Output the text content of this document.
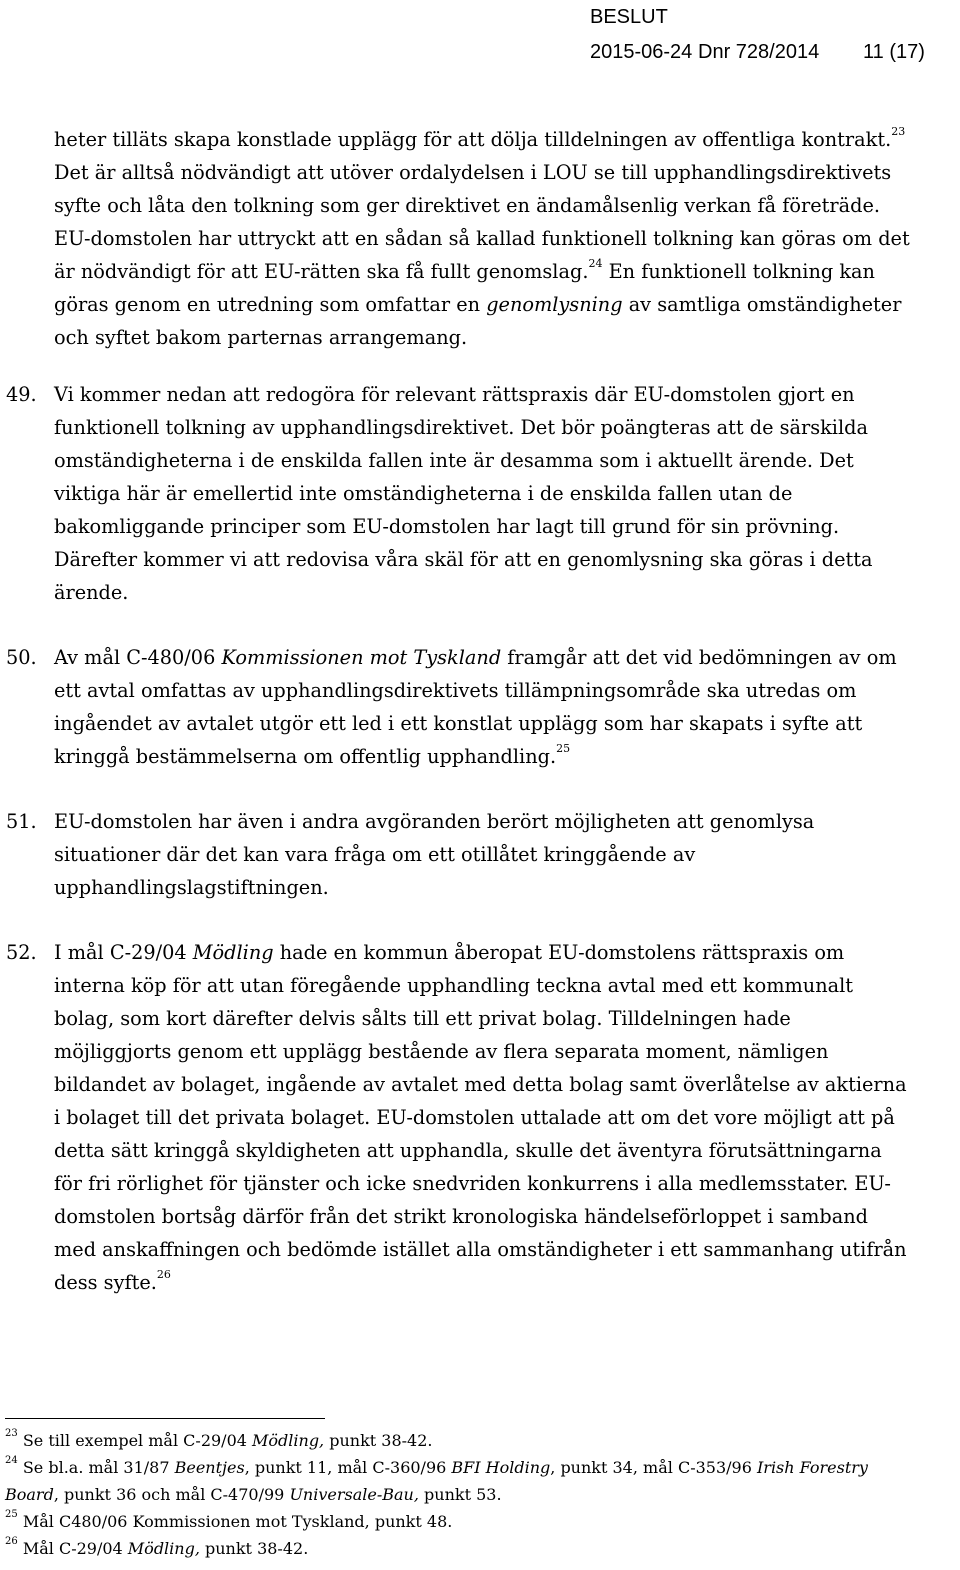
BESLUT
2015-06-24 Dnr 728/2014 11 (17)

heter tilläts skapa konstlade upplägg för att dölja tilldelningen av offentliga kontrakt.$^{23}$ Det är alltså nödvändigt att utöver ordalydelsen i LOU se till upphandlingsdirektivets syfte och låta den tolkning som ger direktivet en ändamålsenlig verkan få företräde. EU-domstolen har uttryckt att en sådan så kallad funktionell tolkning kan göras om det är nödvändigt för att EU-rätten ska få fullt genomslag.$^{24}$ En funktionell tolkning kan göras genom en utredning som omfattar en genomlysning av samtliga omständigheter och syftet bakom parternas arrangemang.

49. Vi kommer nedan att redogöra för relevant rättspraxis där EU-domstolen gjort en funktionell tolkning av upphandlingsdirektivet. Det bör poängteras att de särskilda omständigheterna i de enskilda fallen inte är desamma som i aktuellt ärende. Det viktiga här är emellertid inte omständigheterna i de enskilda fallen utan de bakomliggande principer som EU-domstolen har lagt till grund för sin prövning. Därefter kommer vi att redovisa våra skäl för att en genomlysning ska göras i detta ärende.

50. Av mål C-480/06 Kommissionen mot Tyskland framgår att det vid bedömningen av om ett avtal omfattas av upphandlingsdirektivets tillämpningsområde ska utredas om ingåendet av avtalet utgör ett led i ett konstlat upplägg som har skapats i syfte att kringgå bestämmelserna om offentlig upphandling.$^{25}$

51. EU-domstolen har även i andra avgöranden berört möjligheten att genomlysa situationer där det kan vara fråga om ett otillåtet kringgående av upphandlingslagstiftningen.

52. I mål C-29/04 Mödling hade en kommun åberopat EU-domstolens rättspraxis om interna köp för att utan föregående upphandling teckna avtal med ett kommunalt bolag, som kort därefter delvis sålts till ett privat bolag. Tilldelningen hade möjliggjorts genom ett upplägg bestående av flera separata moment, nämligen bildandet av bolaget, ingående av avtalet med detta bolag samt överlåtelse av aktierna i bolaget till det privata bolaget. EU-domstolen uttalade att om det vore möjligt att på detta sätt kringgå skyldigheten att upphandla, skulle det äventyra förutsättningarna för fri rörlighet för tjänster och icke snedvriden konkurrens i alla medlemsstater. EU-domstolen bortsåg därför från det strikt kronologiska händelseförloppet i samband med anskaffningen och bedömde istället alla omständigheter i ett sammanhang utifrån dess syfte.$^{26}$

$^{23}$ Se till exempel mål C-29/04 Mödling, punkt 38-42.
$^{24}$ Se bl.a. mål 31/87 Beentjes, punkt 11, mål C-360/96 BFI Holding, punkt 34, mål C-353/96 Irish Forestry Board, punkt 36 och mål C-470/99 Universale-Bau, punkt 53.
$^{25}$ Mål C480/06 Kommissionen mot Tyskland, punkt 48.
$^{26}$ Mål C-29/04 Mödling, punkt 38-42.
